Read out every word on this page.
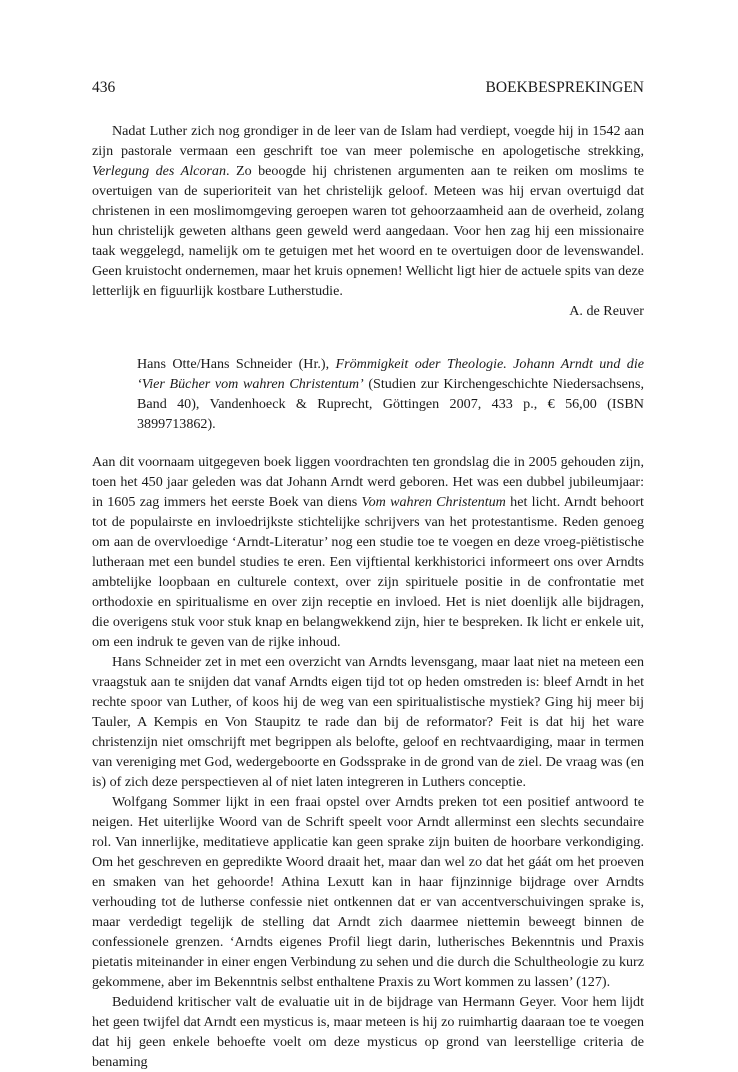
436	BOEKBESPREKINGEN

Nadat Luther zich nog grondiger in de leer van de Islam had verdiept, voegde hij in 1542 aan zijn pastorale vermaan een geschrift toe van meer polemische en apologetische strekking, Verlegung des Alcoran. Zo beoogde hij christenen argumenten aan te reiken om moslims te overtuigen van de superioriteit van het christelijk geloof. Meteen was hij ervan overtuigd dat christenen in een moslimomgeving geroepen waren tot gehoorzaamheid aan de overheid, zolang hun christelijk geweten althans geen geweld werd aangedaan. Voor hen zag hij een missionaire taak weggelegd, namelijk om te getuigen met het woord en te overtuigen door de levenswandel. Geen kruistocht ondernemen, maar het kruis opnemen! Wellicht ligt hier de actuele spits van deze letterlijk en figuurlijk kostbare Lutherstudie.

A. de Reuver

Hans Otte/Hans Schneider (Hr.), Frömmigkeit oder Theologie. Johann Arndt und die ‘Vier Bücher vom wahren Christentum’ (Studien zur Kirchengeschichte Niedersachsens, Band 40), Vandenhoeck & Ruprecht, Göttingen 2007, 433 p., € 56,00 (ISBN 3899713862).

Aan dit voornaam uitgegeven boek liggen voordrachten ten grondslag die in 2005 gehouden zijn, toen het 450 jaar geleden was dat Johann Arndt werd geboren. Het was een dubbel jubileumjaar: in 1605 zag immers het eerste Boek van diens Vom wahren Christentum het licht. Arndt behoort tot de populairste en invloedrijkste stichtelijke schrijvers van het protestantisme. Reden genoeg om aan de overvloedige ‘Arndt-Literatur’ nog een studie toe te voegen en deze vroeg-piëtistische lutheraan met een bundel studies te eren. Een vijftiental kerkhistorici informeert ons over Arndts ambtelijke loopbaan en culturele context, over zijn spirituele positie in de confrontatie met orthodoxie en spiritualisme en over zijn receptie en invloed. Het is niet doenlijk alle bijdragen, die overigens stuk voor stuk knap en belangwekkend zijn, hier te bespreken. Ik licht er enkele uit, om een indruk te geven van de rijke inhoud.

Hans Schneider zet in met een overzicht van Arndts levensgang, maar laat niet na meteen een vraagstuk aan te snijden dat vanaf Arndts eigen tijd tot op heden omstreden is: bleef Arndt in het rechte spoor van Luther, of koos hij de weg van een spiritualistische mystiek? Ging hij meer bij Tauler, A Kempis en Von Staupitz te rade dan bij de reformator? Feit is dat hij het ware christenzijn niet omschrijft met begrippen als belofte, geloof en rechtvaardiging, maar in termen van vereniging met God, wedergeboorte en Godssprake in de grond van de ziel. De vraag was (en is) of zich deze perspectieven al of niet laten integreren in Luthers conceptie.

Wolfgang Sommer lijkt in een fraai opstel over Arndts preken tot een positief antwoord te neigen. Het uiterlijke Woord van de Schrift speelt voor Arndt allerminst een slechts secundaire rol. Van innerlijke, meditatieve applicatie kan geen sprake zijn buiten de hoorbare verkondiging. Om het geschreven en gepredikte Woord draait het, maar dan wel zo dat het gáát om het proeven en smaken van het gehoorde! Athina Lexutt kan in haar fijnzinnige bijdrage over Arndts verhouding tot de lutherse confessie niet ontkennen dat er van accentverschuivingen sprake is, maar verdedigt tegelijk de stelling dat Arndt zich daarmee niettemin beweegt binnen de confessionele grenzen. ‘Arndts eigenes Profil liegt darin, lutherisches Bekenntnis und Praxis pietatis miteinander in einer engen Verbindung zu sehen und die durch die Schultheologie zu kurz gekommene, aber im Bekenntnis selbst enthaltene Praxis zu Wort kommen zu lassen’ (127).

Beduidend kritischer valt de evaluatie uit in de bijdrage van Hermann Geyer. Voor hem lijdt het geen twijfel dat Arndt een mysticus is, maar meteen is hij zo ruimhartig daaraan toe te voegen dat hij geen enkele behoefte voelt om deze mysticus op grond van leerstellige criteria de benaming
